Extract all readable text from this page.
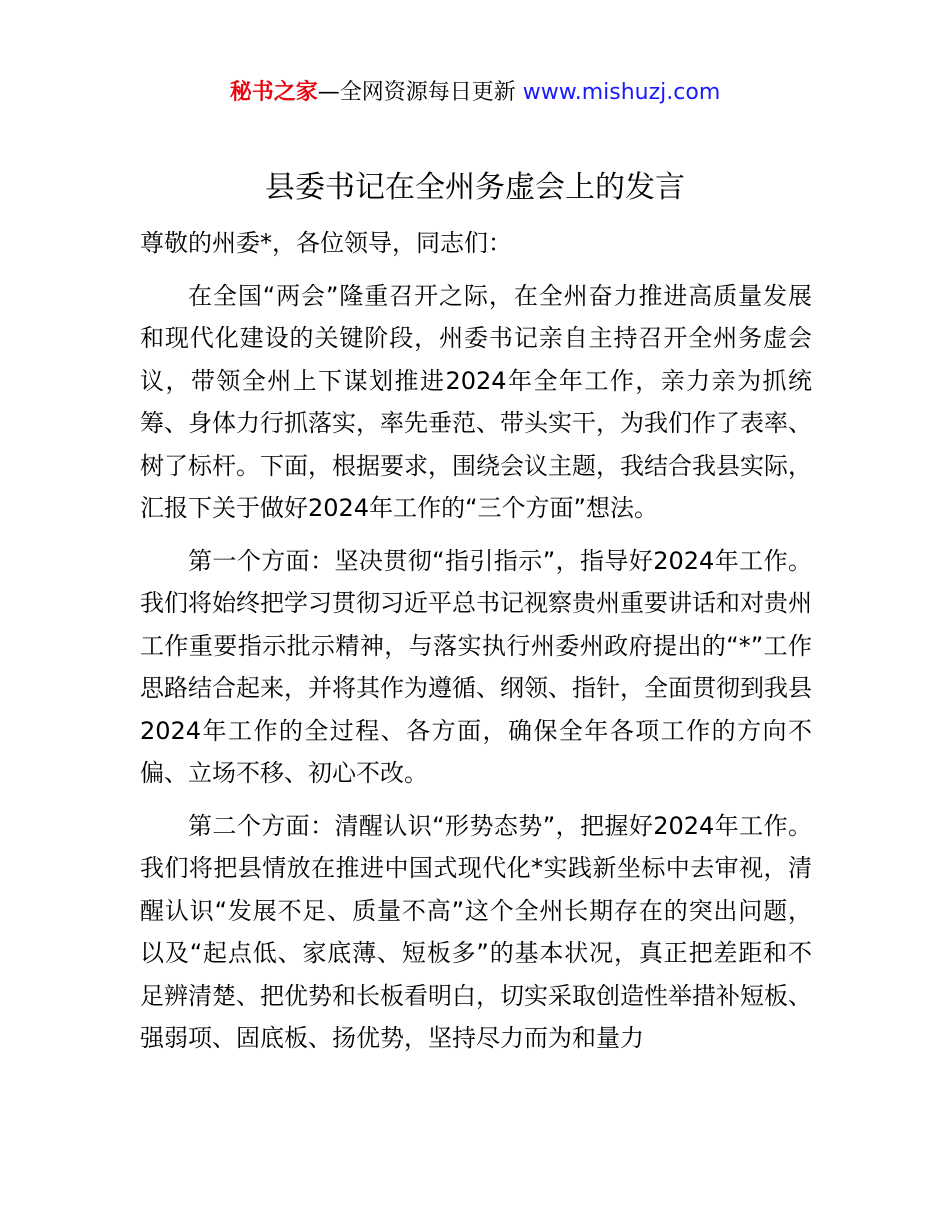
秘书之家—全网资源每日更新 www.mishuzj.com
县委书记在全州务虚会上的发言

尊敬的州委*，各位领导，同志们：

在全国“两会”隆重召开之际，在全州奋力推进高质量发展和现代化建设的关键阶段，州委书记亲自主持召开全州务虚会议，带领全州上下谋划推进2024年全年工作，亲力亲为抓统筹、身体力行抓落实，率先垂范、带头实干，为我们作了表率、树了标杆。下面，根据要求，围绕会议主题，我结合我县实际，汇报下关于做好2024年工作的“三个方面”想法。

第一个方面：坚决贯彻“指引指示”，指导好2024年工作。我们将始终把学习贯彻习近平总书记视察贵州重要讲话和对贵州工作重要指示批示精神，与落实执行州委州政府提出的“*”工作思路结合起来，并将其作为遵循、纲领、指针，全面贯彻到我县2024年工作的全过程、各方面，确保全年各项工作的方向不偏、立场不移、初心不改。

第二个方面：清醒认识“形势态势”，把握好2024年工作。我们将把县情放在推进中国式现代化*实践新坐标中去审视，清醒认识“发展不足、质量不高”这个全州长期存在的突出问题，以及“起点低、家底薄、短板多”的基本状况，真正把差距和不足辨清楚、把优势和长板看明白，切实采取创造性举措补短板、强弱项、固底板、扬优势，坚持尽力而为和量力
